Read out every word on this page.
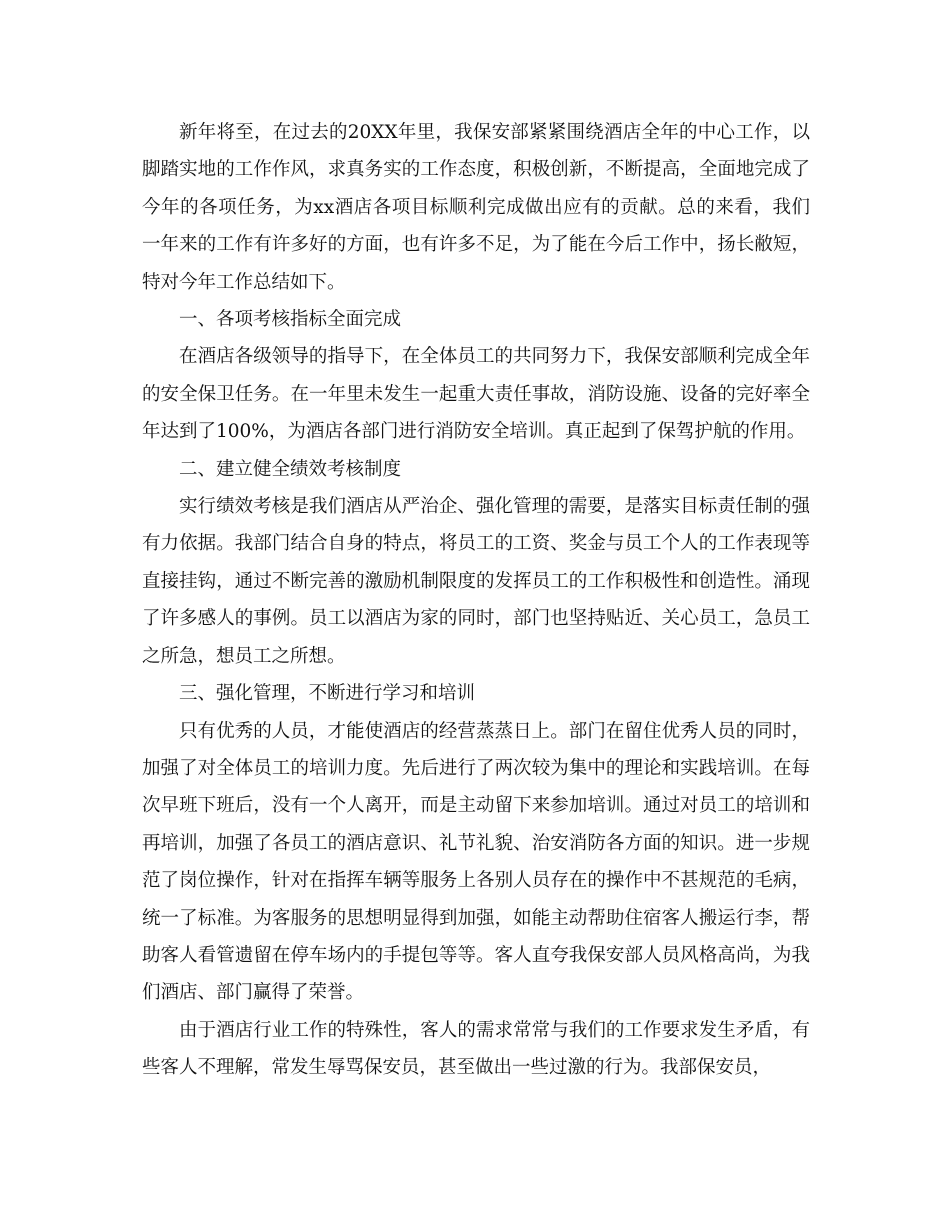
新年将至，在过去的20XX年里，我保安部紧紧围绕酒店全年的中心工作，以脚踏实地的工作作风，求真务实的工作态度，积极创新，不断提高，全面地完成了今年的各项任务，为xx酒店各项目标顺利完成做出应有的贡献。总的来看，我们一年来的工作有许多好的方面，也有许多不足，为了能在今后工作中，扬长敝短，特对今年工作总结如下。

一、各项考核指标全面完成

在酒店各级领导的指导下，在全体员工的共同努力下，我保安部顺利完成全年的安全保卫任务。在一年里未发生一起重大责任事故，消防设施、设备的完好率全年达到了100%，为酒店各部门进行消防安全培训。真正起到了保驾护航的作用。

二、建立健全绩效考核制度

实行绩效考核是我们酒店从严治企、强化管理的需要，是落实目标责任制的强有力依据。我部门结合自身的特点，将员工的工资、奖金与员工个人的工作表现等直接挂钩，通过不断完善的激励机制限度的发挥员工的工作积极性和创造性。涌现了许多感人的事例。员工以酒店为家的同时，部门也坚持贴近、关心员工，急员工之所急，想员工之所想。

三、强化管理，不断进行学习和培训

只有优秀的人员，才能使酒店的经营蒸蒸日上。部门在留住优秀人员的同时，加强了对全体员工的培训力度。先后进行了两次较为集中的理论和实践培训。在每次早班下班后，没有一个人离开，而是主动留下来参加培训。通过对员工的培训和再培训，加强了各员工的酒店意识、礼节礼貌、治安消防各方面的知识。进一步规范了岗位操作，针对在指挥车辆等服务上各别人员存在的操作中不甚规范的毛病，统一了标准。为客服务的思想明显得到加强，如能主动帮助住宿客人搬运行李，帮助客人看管遗留在停车场内的手提包等等。客人直夸我保安部人员风格高尚，为我们酒店、部门赢得了荣誉。

由于酒店行业工作的特殊性，客人的需求常常与我们的工作要求发生矛盾，有些客人不理解，常发生辱骂保安员，甚至做出一些过激的行为。我部保安员，
